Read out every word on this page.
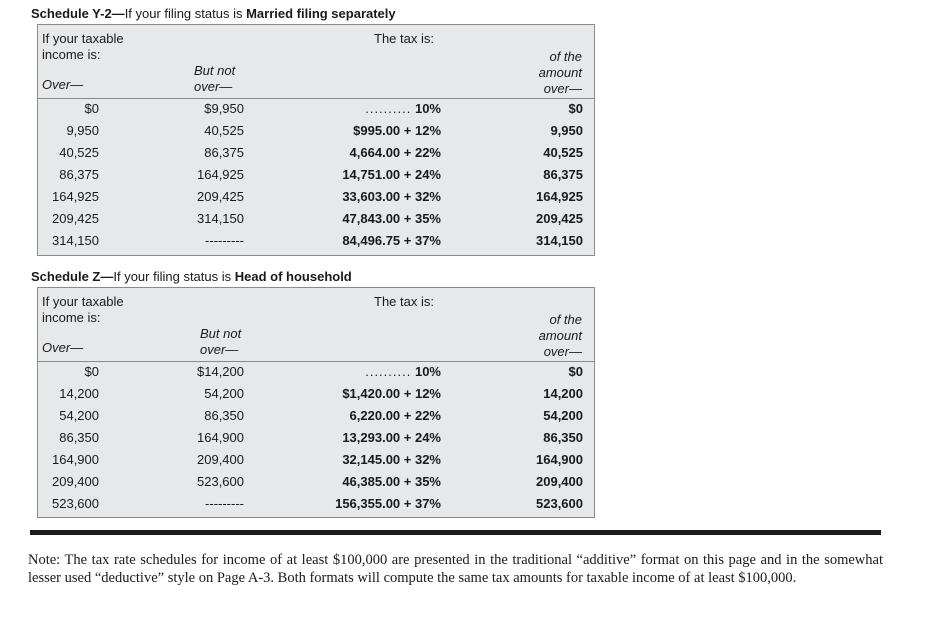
Schedule Y-2—If your filing status is Married filing separately
If your taxable income is:
The tax is:
Over—
But not
over—
of the
amount
over—
$0	$9,950	.......... 10%	$0
9,950	40,525	$995.00 + 12%	9,950
40,525	86,375	4,664.00 + 22%	40,525
86,375	164,925	14,751.00 + 24%	86,375
164,925	209,425	33,603.00 + 32%	164,925
209,425	314,150	47,843.00 + 35%	209,425
314,150	---------	84,496.75 + 37%	314,150
Schedule Z—If your filing status is Head of household
If your taxable income is:
The tax is:
Over—
But not
over—
of the
amount
over—
$0	$14,200	.......... 10%	$0
14,200	54,200	$1,420.00 + 12%	14,200
54,200	86,350	6,220.00 + 22%	54,200
86,350	164,900	13,293.00 + 24%	86,350
164,900	209,400	32,145.00 + 32%	164,900
209,400	523,600	46,385.00 + 35%	209,400
523,600	---------	156,355.00 + 37%	523,600
Note: The tax rate schedules for income of at least $100,000 are presented in the traditional “additive” format on this page and in the somewhat lesser used “deductive” style on Page A-3. Both formats will compute the same tax amounts for taxable income of at least $100,000.
